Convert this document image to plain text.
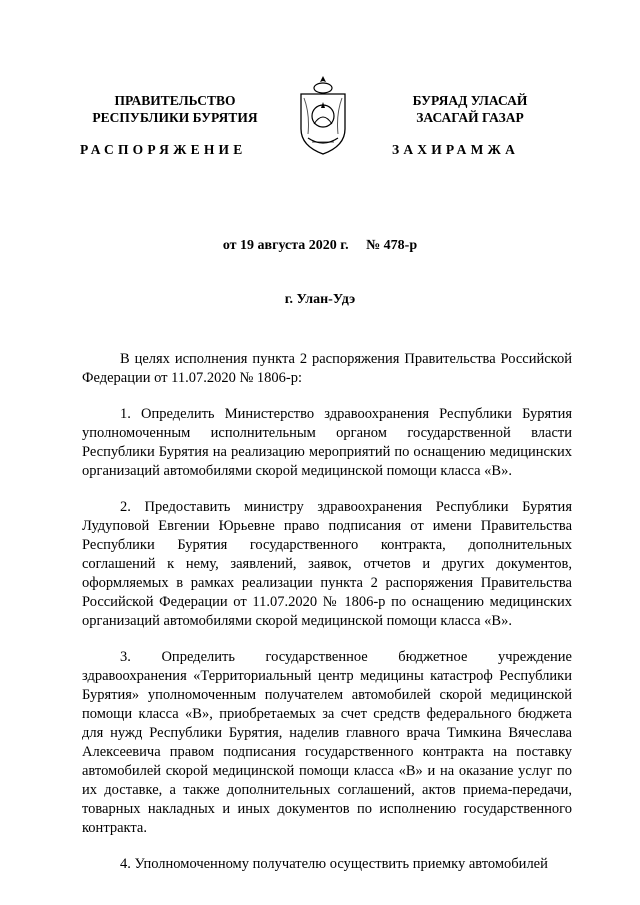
ПРАВИТЕЛЬСТВО
РЕСПУБЛИКИ БУРЯТИЯ
БУРЯАД УЛАСАЙ
ЗАСАГАЙ ГАЗАР
РАСПОРЯЖЕНИЕ	ЗАХИРАМЖА
от 19 августа 2020 г. № 478-р
г. Улан-Удэ

В целях исполнения пункта 2 распоряжения Правительства Российской Федерации от 11.07.2020 № 1806-р:

1. Определить Министерство здравоохранения Республики Бурятия уполномоченным исполнительным органом государственной власти Республики Бурятия на реализацию мероприятий по оснащению медицинских организаций автомобилями скорой медицинской помощи класса «В».

2. Предоставить министру здравоохранения Республики Бурятия Лудуповой Евгении Юрьевне право подписания от имени Правительства Республики Бурятия государственного контракта, дополнительных соглашений к нему, заявлений, заявок, отчетов и других документов, оформляемых в рамках реализации пункта 2 распоряжения Правительства Российской Федерации от 11.07.2020 № 1806-р по оснащению медицинских организаций автомобилями скорой медицинской помощи класса «В».

3. Определить государственное бюджетное учреждение здравоохранения «Территориальный центр медицины катастроф Республики Бурятия» уполномоченным получателем автомобилей скорой медицинской помощи класса «В», приобретаемых за счет средств федерального бюджета для нужд Республики Бурятия, наделив главного врача Тимкина Вячеслава Алексеевича правом подписания государственного контракта на поставку автомобилей скорой медицинской помощи класса «В» и на оказание услуг по их доставке, а также дополнительных соглашений, актов приема-передачи, товарных накладных и иных документов по исполнению государственного контракта.

4. Уполномоченному получателю осуществить приемку автомобилей
